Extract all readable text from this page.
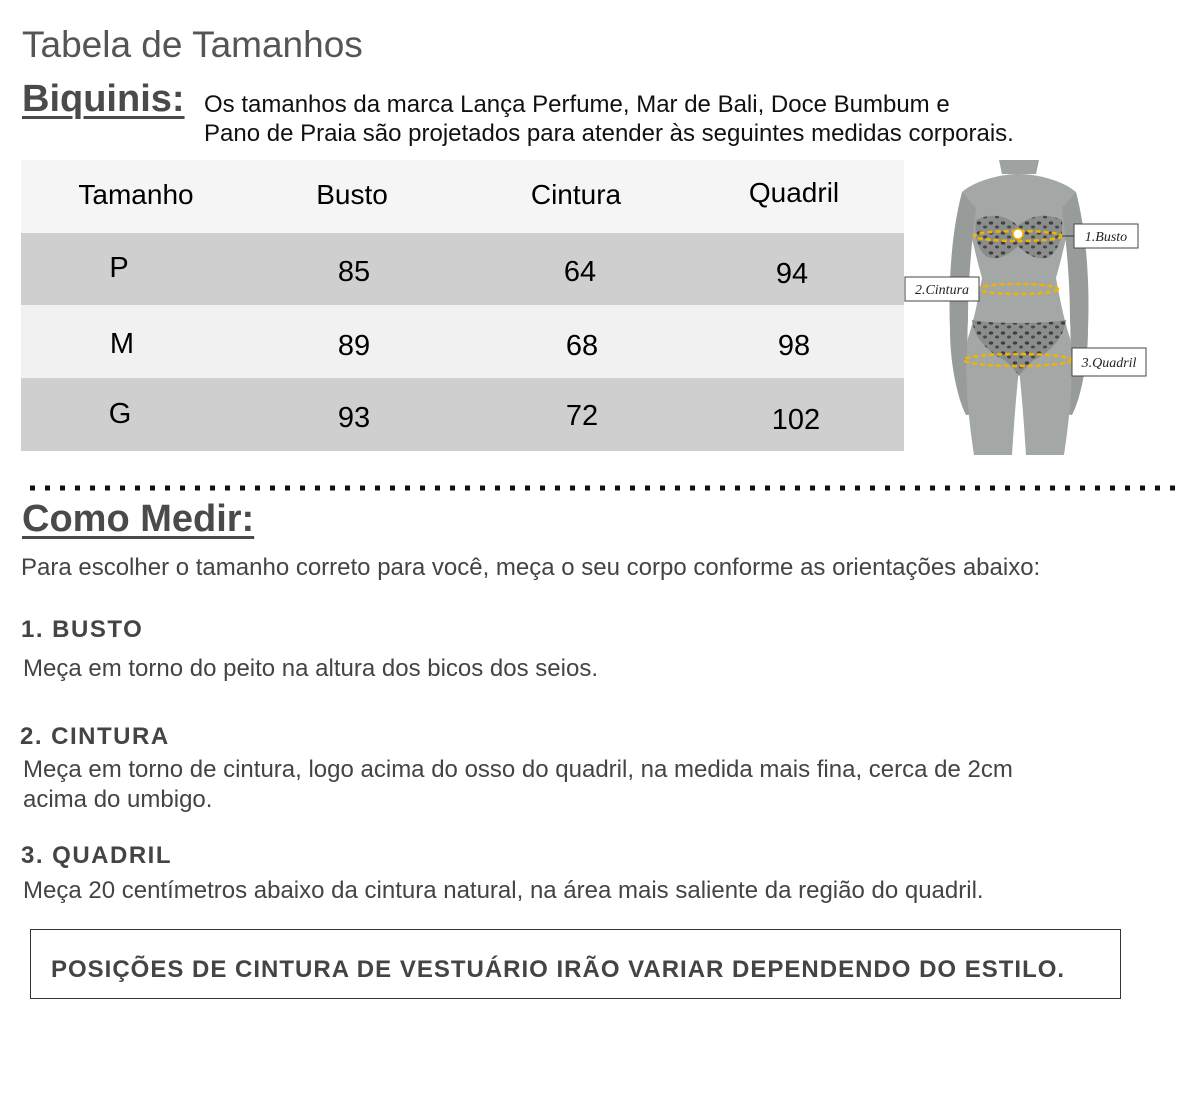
Tabela de Tamanhos
Biquinis: Os tamanhos da marca Lança Perfume, Mar de Bali, Doce Bumbum e
Pano de Praia são projetados para atender às seguintes medidas corporais.
Tamanho	Busto	Cintura	Quadril
P	85	64	94
M	89	68	98
G	93	72	102
1.Busto
2.Cintura
3.Quadril
Como Medir:
Para escolher o tamanho correto para você, meça o seu corpo conforme as orientações abaixo:
1. BUSTO
Meça em torno do peito na altura dos bicos dos seios.
2. CINTURA
Meça em torno de cintura, logo acima do osso do quadril, na medida mais fina, cerca de 2cm
acima do umbigo.
3. QUADRIL
Meça 20 centímetros abaixo da cintura natural, na área mais saliente da região do quadril.
POSIÇÕES DE CINTURA DE VESTUÁRIO IRÃO VARIAR DEPENDENDO DO ESTILO.
